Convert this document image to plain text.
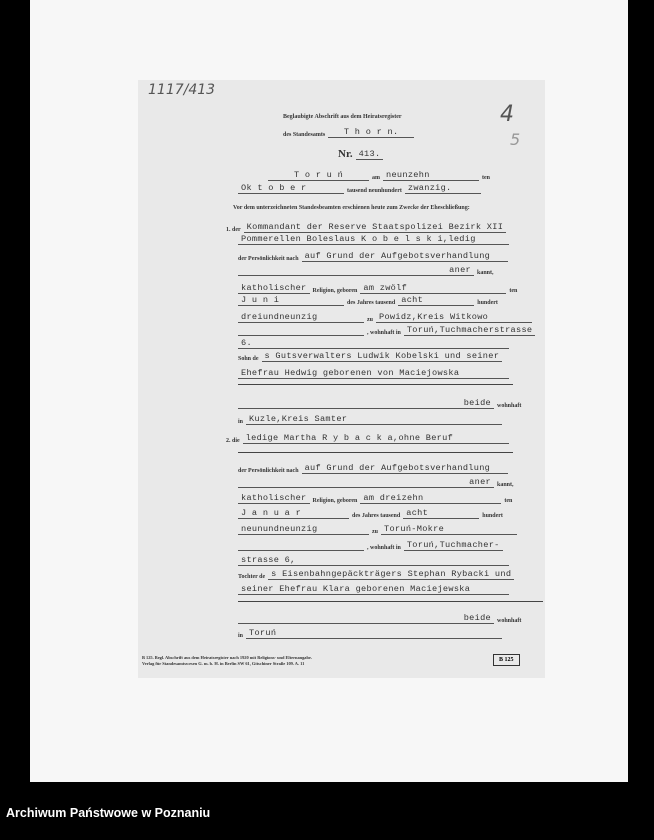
1117/413
4
5
Beglaubigte Abschrift aus dem Heiratsregister
des Standesamts	T h o r n.
Nr. 413.
T o r u ń	am neunzehn	ten
Ok t o b e r	tausend neunhundert zwanzig.
Vor dem unterzeichneten Standesbeamten erschienen heute zum Zwecke der Eheschließung:
1. der Kommandant der Reserve Staatspolizei Bezirk XII
Pommerellen Boleslaus K o b e l s k i,ledig
der Persönlichkeit nach auf Grund der Aufgebotsverhandlung
aner	kannt,
katholischer	Religion, geboren am zwölf	ten
J u n i	des Jahres tausend acht	hundert
dreiundneunzig	zu Powidz,Kreis Witkowo
, wohnhaft in Toruń,Tuchmacherstrasse
6.
Sohn de s Gutsverwalters Ludwik Kobelski und seiner
Ehefrau Hedwig geborenen von Maciejowska
beide	wohnhaft
in Kuzle,Kreis Samter
2. die ledige Martha R y b a c k a,ohne Beruf
der Persönlichkeit nach auf Grund der Aufgebotsverhandlung
aner	kannt,
katholischer	Religion, geboren am dreizehn	ten
J a n u a r	des Jahres tausend acht	hundert
neunundneunzig	zu Toruń-Mokre
, wohnhaft in Toruń,Tuchmacher-
strasse 6,
Tochter de s Eisenbahngepäckträgers Stephan Rybacki und
seiner Ehefrau Klara geborenen Maciejewska
beide	wohnhaft
in Toruń
B 125. Begl. Abschrift aus dem Heiratsregister nach 1920 mit Religions- und Elternangabe.
Verlag für Standesamtswesen G. m. b. H. in Berlin SW 61, Gitschiner Straße 109. A. 11
B 125
Archiwum Państwowe w Poznaniu
